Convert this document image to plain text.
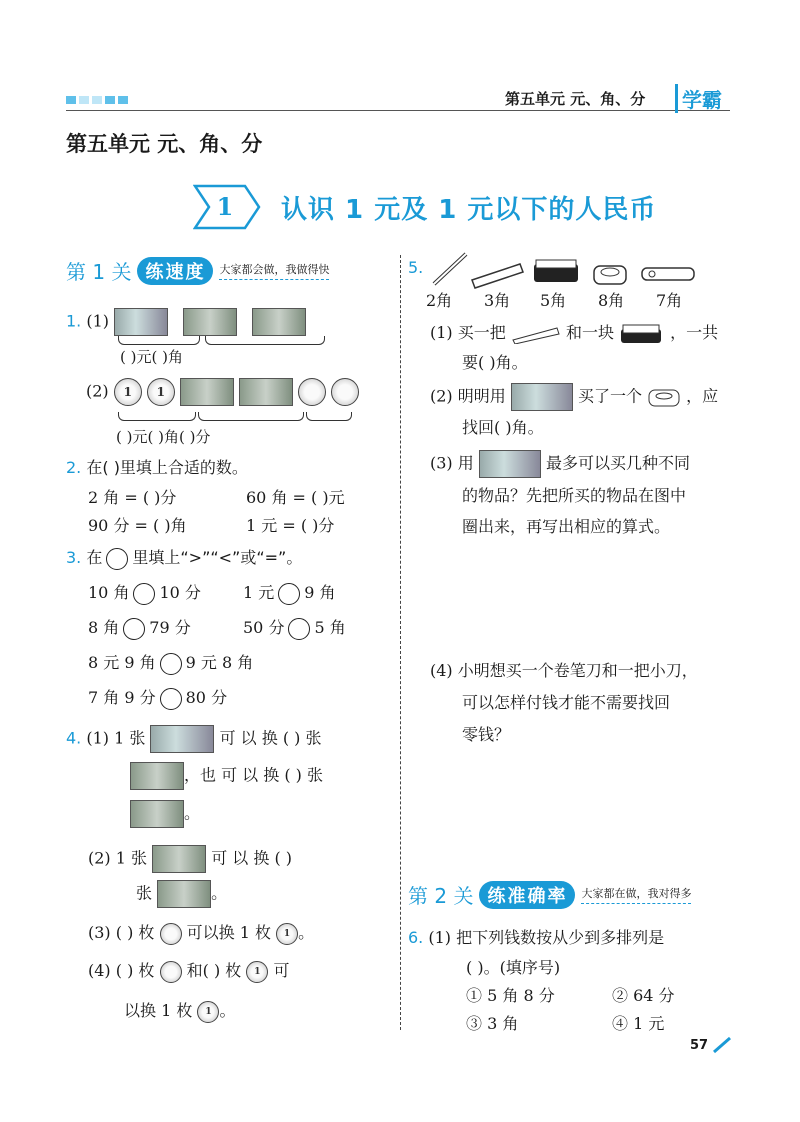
第五单元 元、角、分	学霸
第五单元 元、角、分
1 认识 1 元及 1 元以下的人民币
第 1 关 练速度	大家都会做，我做得快
1. (1)
( )元( )角
(2) 1 1
( )元( )角( )分
2. 在( )里填上合适的数。
2 角 = ( )分	60 角 = ( )元
90 分 = ( )角	1 元 = ( )分
3. 在 里填上“>”“<”或“=”。
10 角 10 分	1 元 9 角
8 角 79 分	50 分 5 角
8 元 9 角 9 元 8 角
7 角 9 分 80 分
4. (1) 1 张	可 以 换 ( ) 张
，也 可 以 换 ( ) 张
。
(2) 1 张	可 以 换 ( )
张	。
(3) ( ) 枚 可以换 1 枚 1 。
(4) ( ) 枚 和( ) 枚 1 可
以换 1 枚 1 。
5.
2角 3角 5角 8角 7角
(1) 买一把	和一块	，一共
要( )角。
(2) 明明用	买了一个	，应
找回( )角。
(3) 用	最多可以买几种不同
的物品？先把所买的物品在图中
圈出来，再写出相应的算式。
(4) 小明想买一个卷笔刀和一把小刀，
可以怎样付钱才能不需要找回
零钱？
第 2 关 练准确率	大家都在做，我对得多
6. (1) 把下列钱数按从少到多排列是
( )。(填序号)
① 5 角 8 分	② 64 分
③ 3 角	④ 1 元
57
